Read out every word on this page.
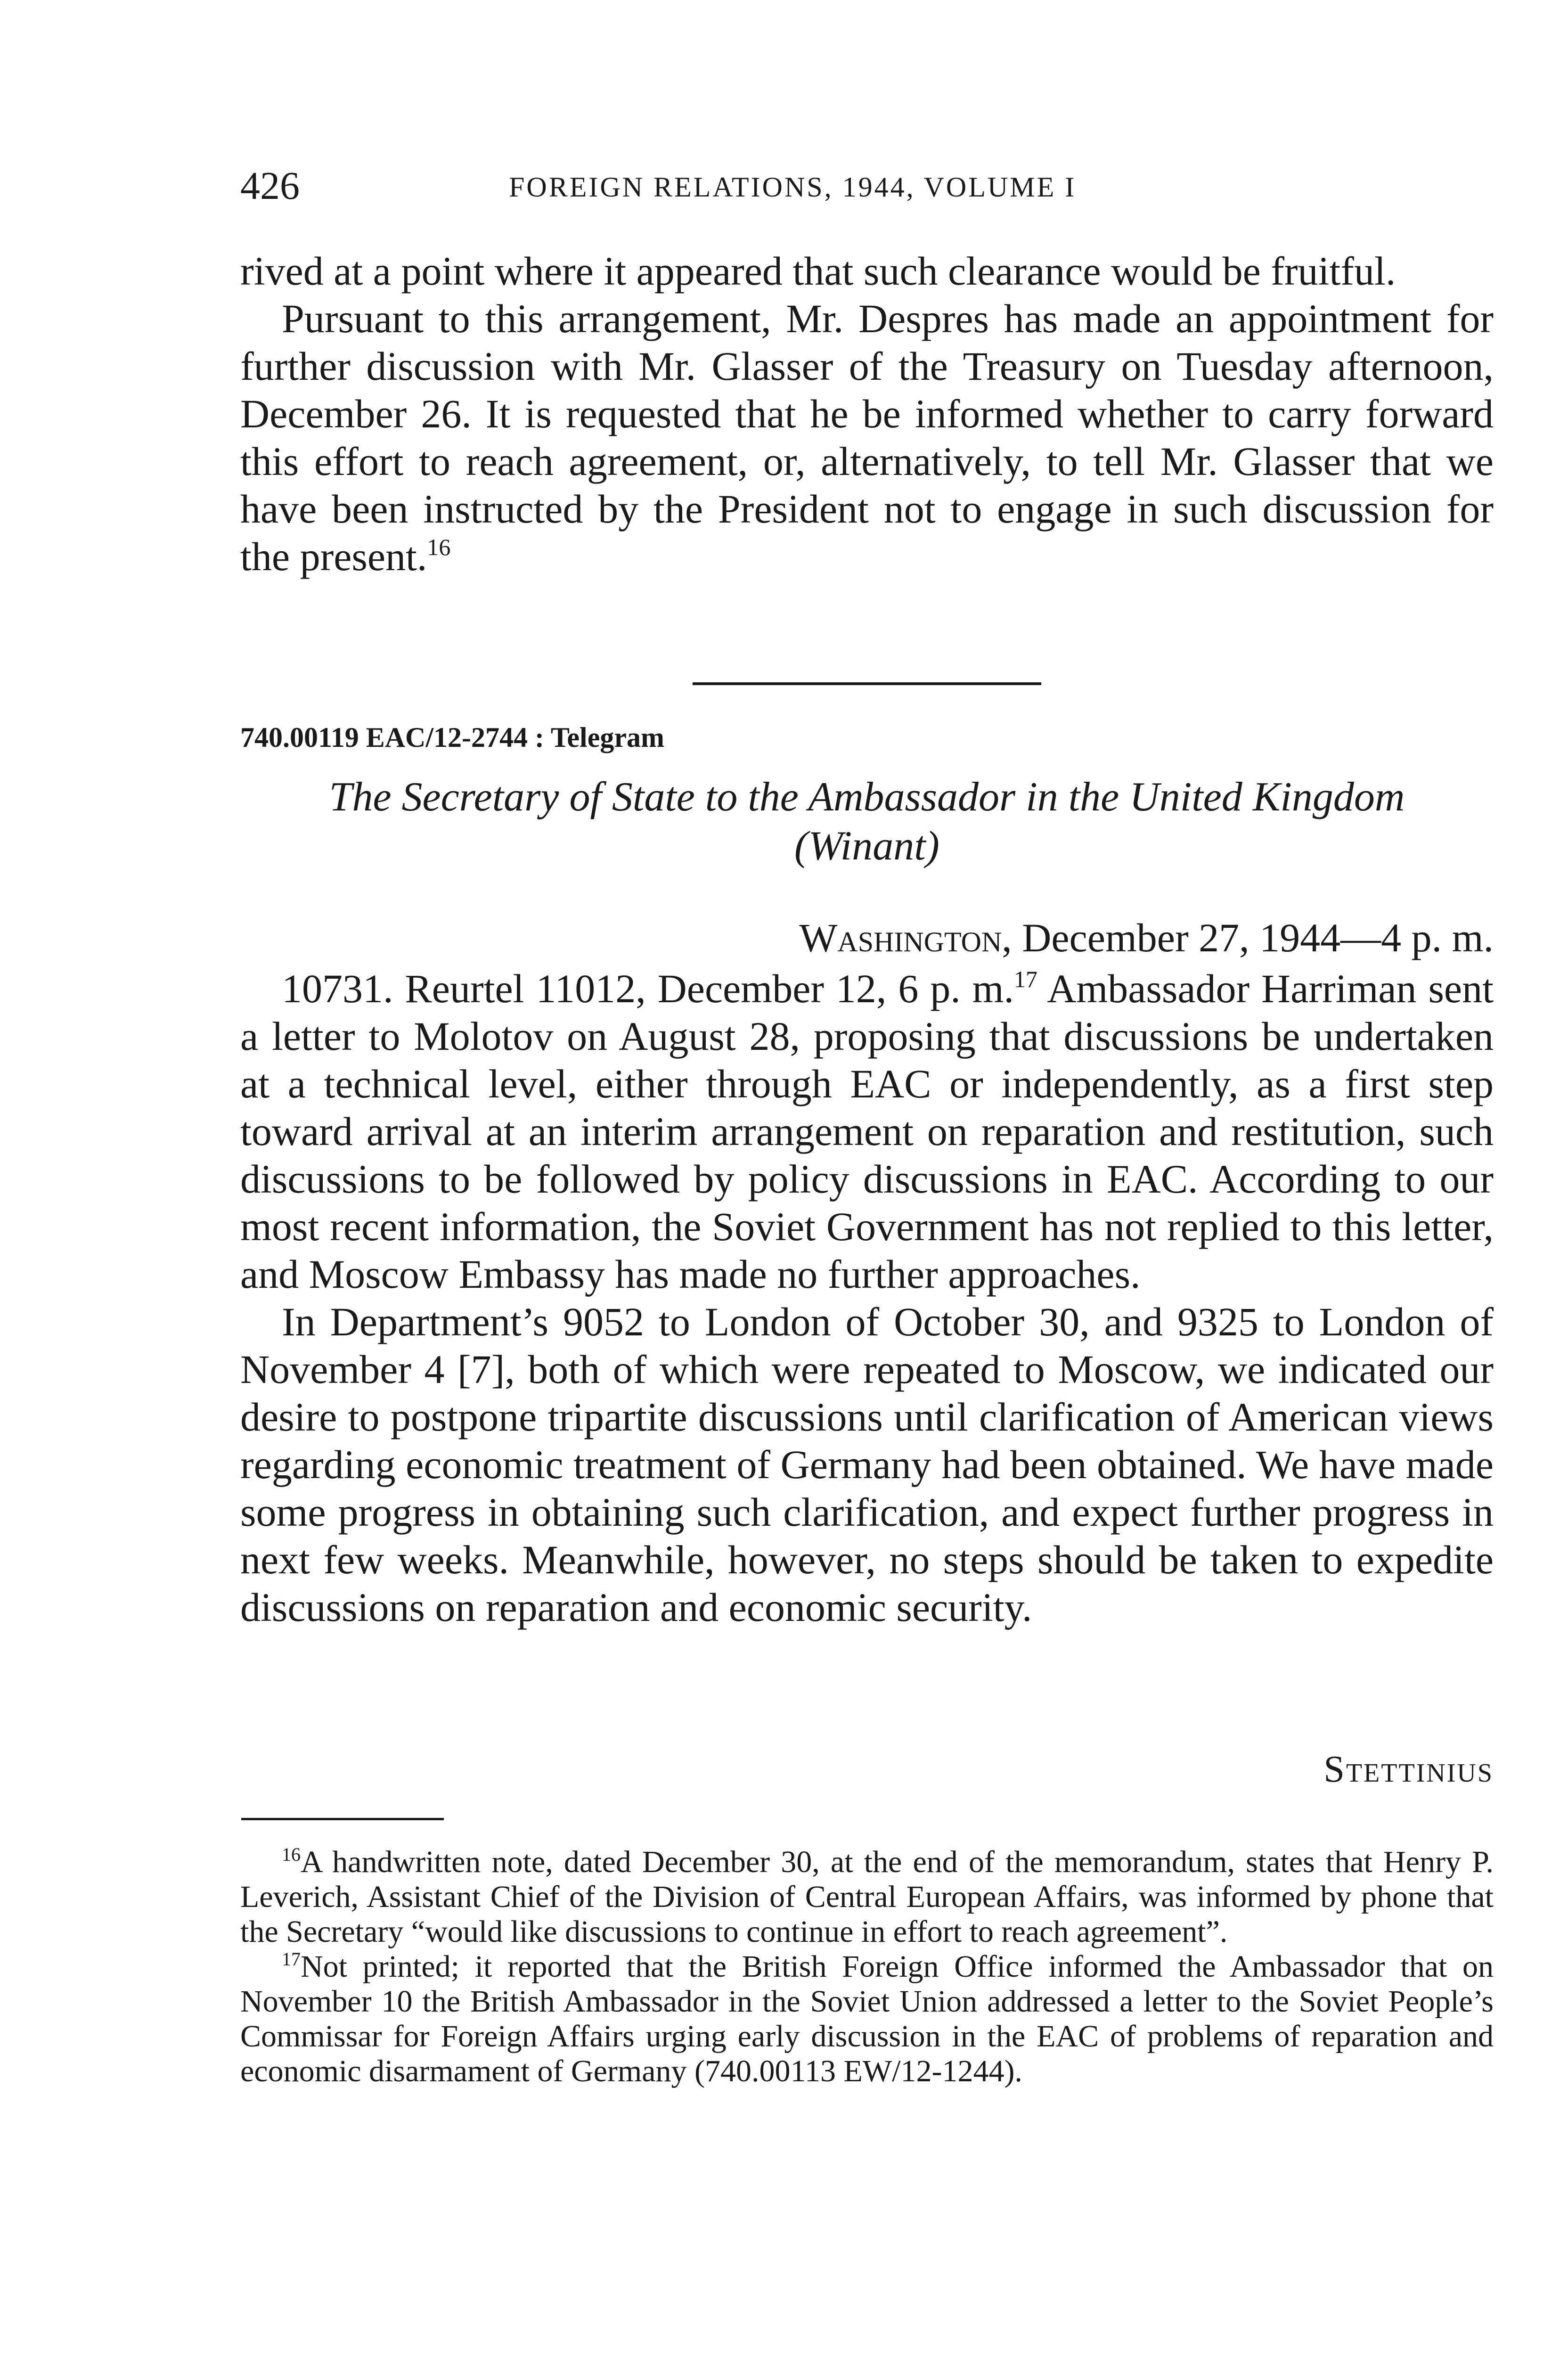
426	FOREIGN RELATIONS, 1944, VOLUME I

rived at a point where it appeared that such clearance would be fruitful.

Pursuant to this arrangement, Mr. Despres has made an appointment for further discussion with Mr. Glasser of the Treasury on Tuesday afternoon, December 26. It is requested that he be informed whether to carry forward this effort to reach agreement, or, alternatively, to tell Mr. Glasser that we have been instructed by the President not to engage in such discussion for the present.$^{16}$

740.00119 EAC/12-2744 : Telegram

The Secretary of State to the Ambassador in the United Kingdom

(Winant)

Washington, December 27, 1944—4 p. m.

10731. Reurtel 11012, December 12, 6 p. m.$^{17}$ Ambassador Harriman sent a letter to Molotov on August 28, proposing that discussions be undertaken at a technical level, either through EAC or independently, as a first step toward arrival at an interim arrangement on reparation and restitution, such discussions to be followed by policy discussions in EAC. According to our most recent information, the Soviet Government has not replied to this letter, and Moscow Embassy has made no further approaches.

In Department’s 9052 to London of October 30, and 9325 to London of November 4 [7], both of which were repeated to Moscow, we indicated our desire to postpone tripartite discussions until clarification of American views regarding economic treatment of Germany had been obtained. We have made some progress in obtaining such clarification, and expect further progress in next few weeks. Meanwhile, however, no steps should be taken to expedite discussions on reparation and economic security.

Stettinius

$^{16}$A handwritten note, dated December 30, at the end of the memorandum, states that Henry P. Leverich, Assistant Chief of the Division of Central European Affairs, was informed by phone that the Secretary “would like discussions to continue in effort to reach agreement”.

$^{17}$Not printed; it reported that the British Foreign Office informed the Ambassador that on November 10 the British Ambassador in the Soviet Union addressed a letter to the Soviet People’s Commissar for Foreign Affairs urging early discussion in the EAC of problems of reparation and economic disarmament of Germany (740.00113 EW/12-1244).
